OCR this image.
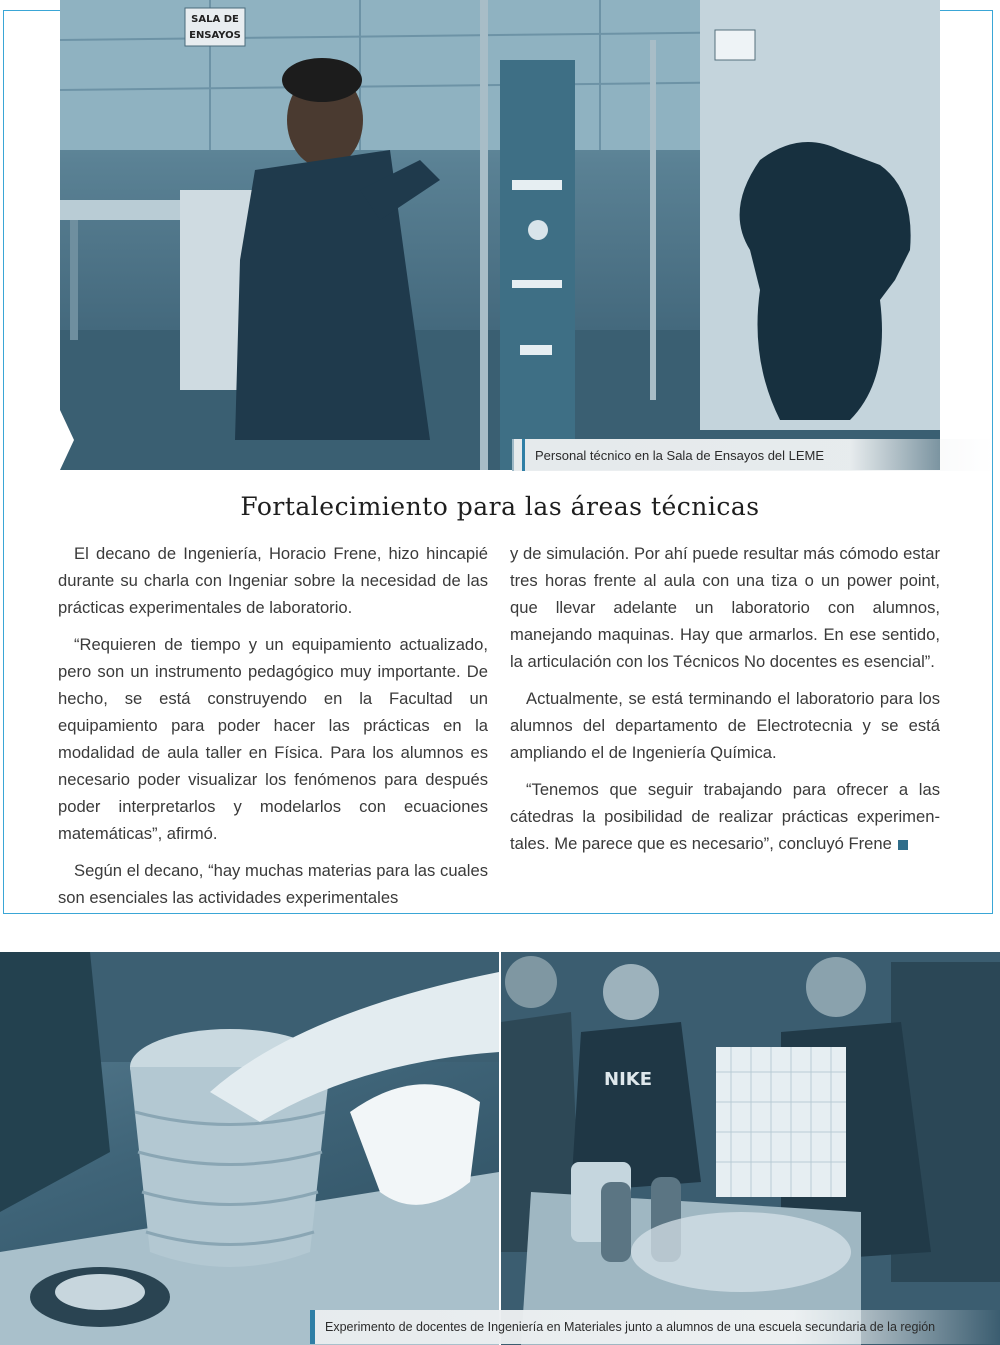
SALA DE
ENSAYOS
Personal técnico en la Sala de Ensayos del LEME
Fortalecimiento para las áreas técnicas

El decano de Ingeniería, Horacio Frene, hizo hincapié durante su charla con Ingeniar sobre la necesidad de las prácticas experimentales de laboratorio.

“Requieren de tiempo y un equipamiento actualizado, pero son un instrumento pedagógico muy importante. De hecho, se está construyendo en la Facultad un equipamiento para poder hacer las prácticas en la modalidad de aula taller en Física. Para los alumnos es necesario poder visualizar los fenómenos para después poder interpretarlos y modelarlos con ecuaciones matemáticas”, afirmó.

Según el decano, “hay muchas materias para las cuales son esenciales las actividades experimentales

y de simulación. Por ahí puede resultar más cómodo estar tres horas frente al aula con una tiza o un power point, que llevar adelante un laboratorio con alumnos, manejando maquinas. Hay que armarlos. En ese sentido, la articulación con los Técnicos No docentes es esencial”.

Actualmente, se está terminando el laboratorio para los alumnos del departamento de Electrotecnia y se está ampliando el de Ingeniería Química.

“Tenemos que seguir trabajando para ofrecer a las cátedras la posibilidad de realizar prácticas experimentales. Me parece que es necesario”, concluyó Frene

NIKE
Experimento de docentes de Ingeniería en Materiales junto a alumnos de una escuela secundaria de la región
